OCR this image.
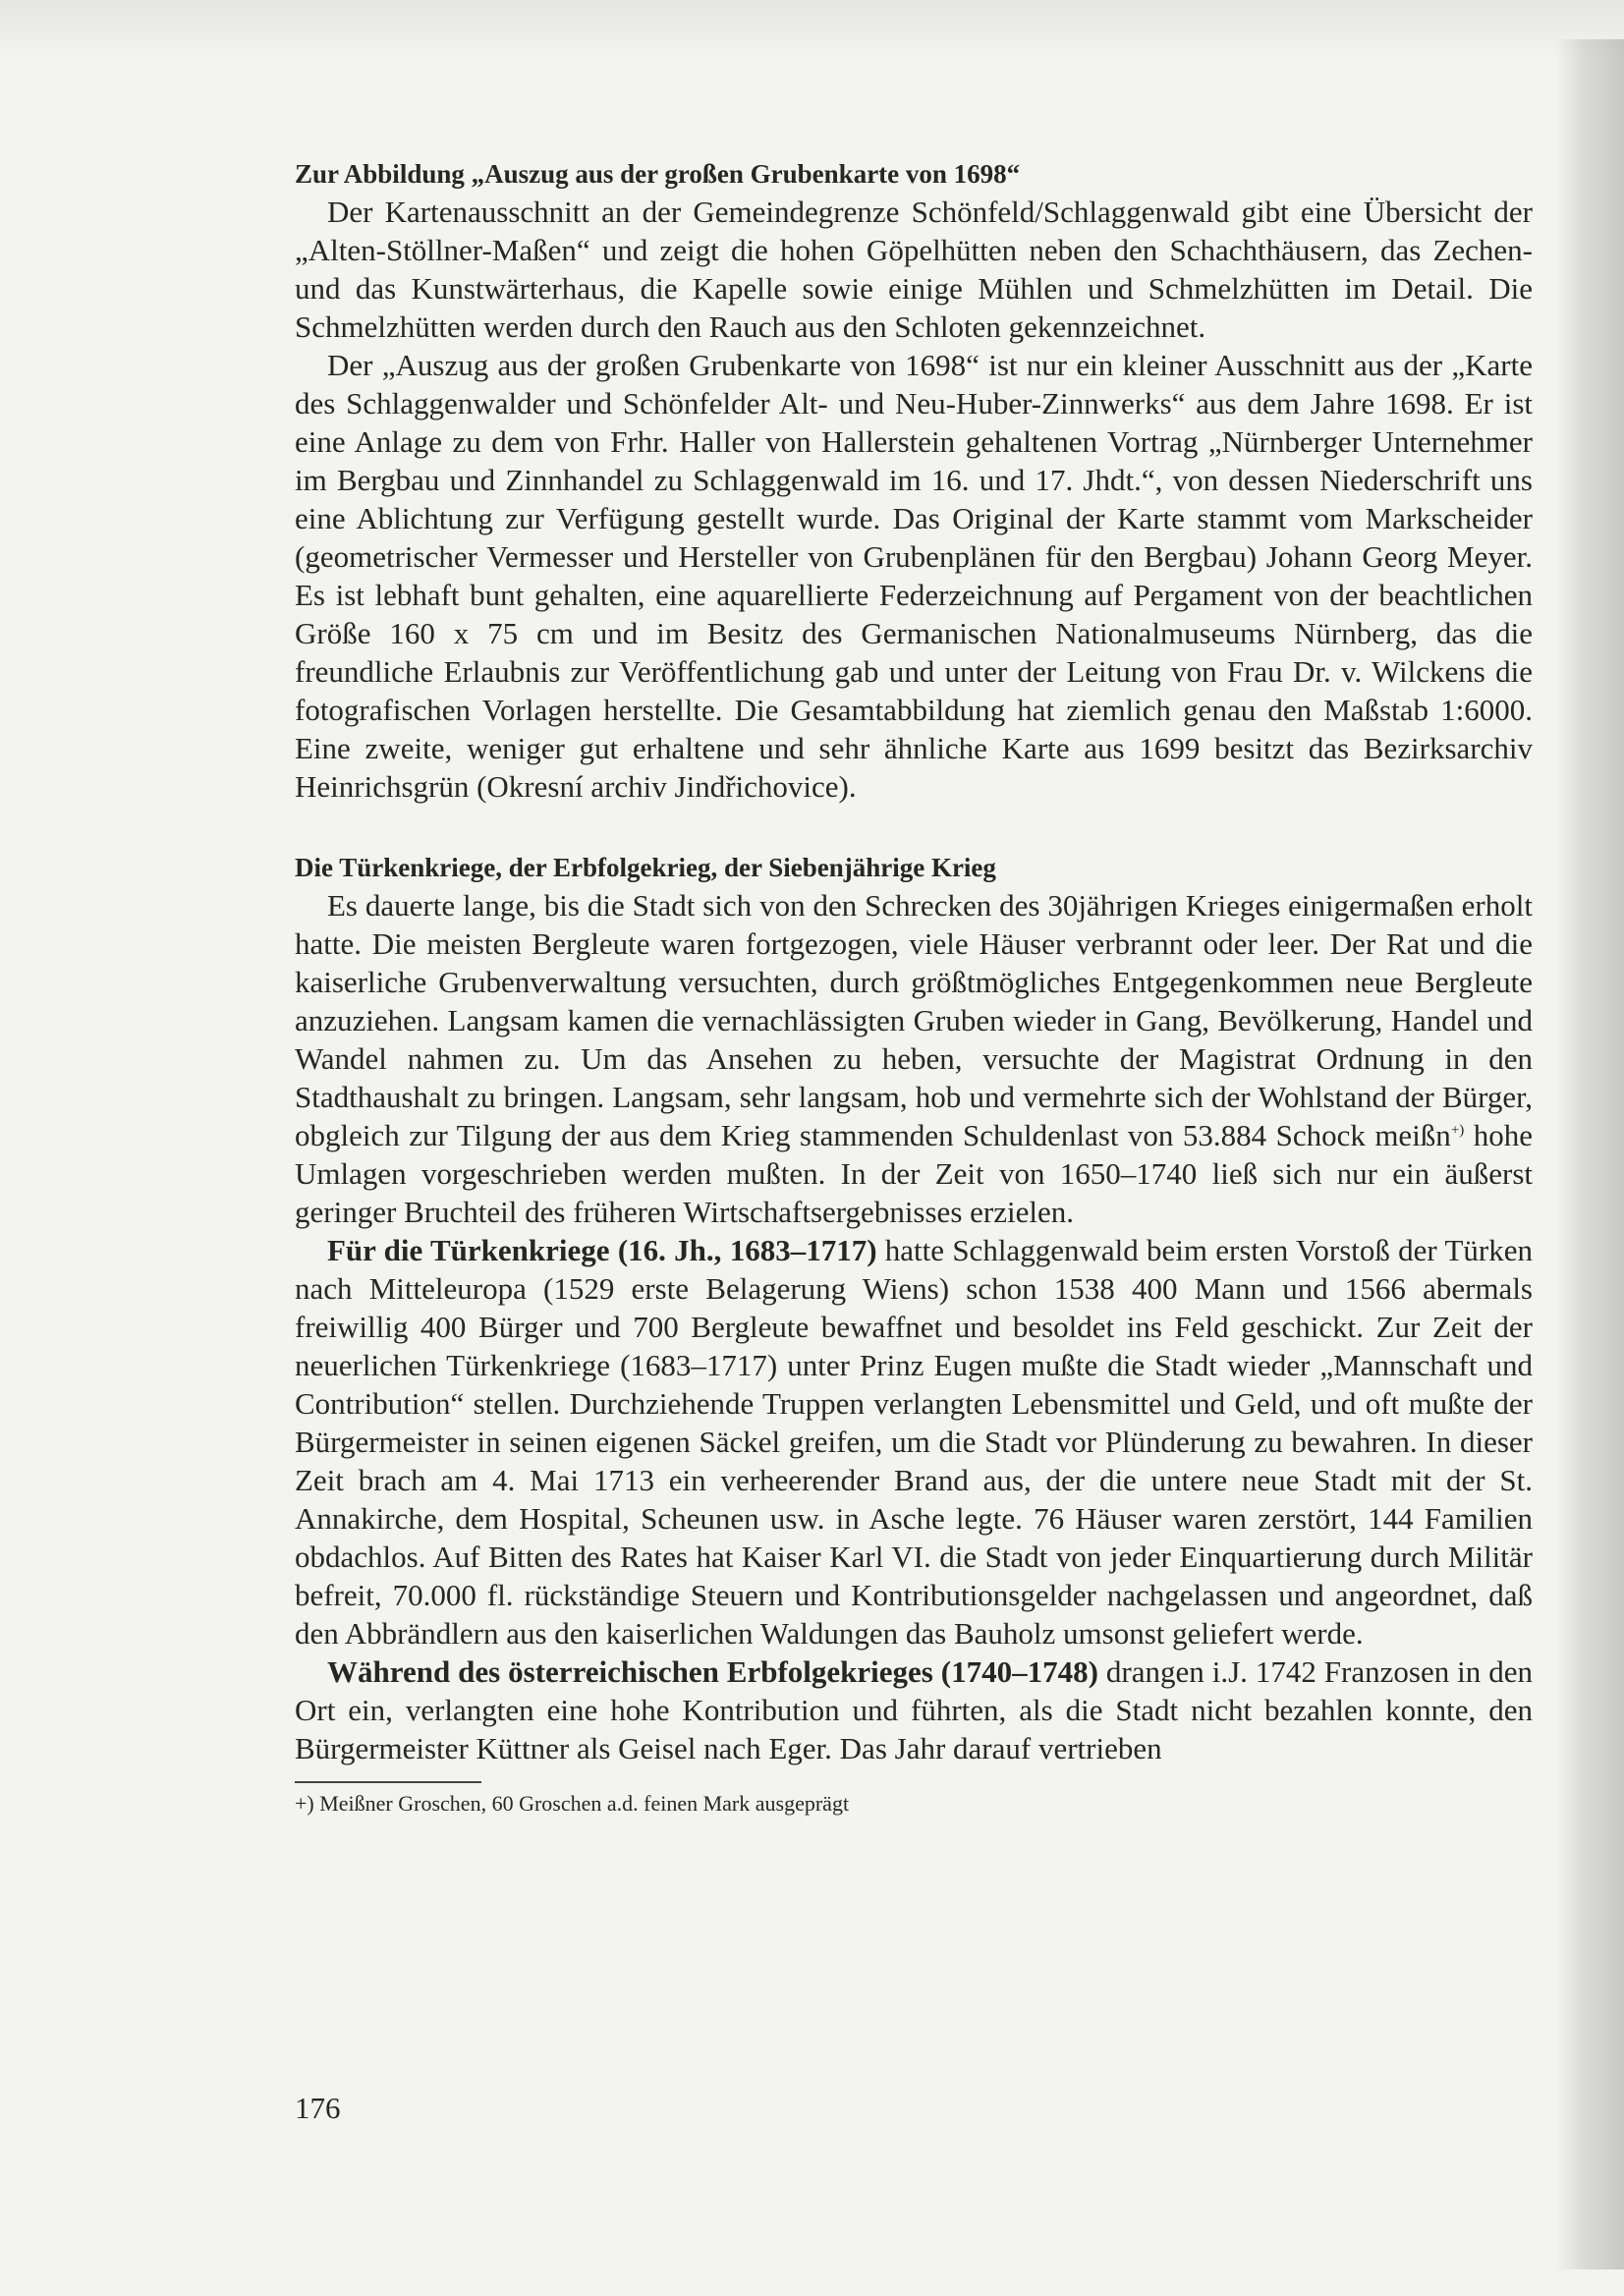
Zur Abbildung „Auszug aus der großen Grubenkarte von 1698“

Der Kartenausschnitt an der Gemeindegrenze Schönfeld/Schlaggenwald gibt eine Übersicht der „Alten-Stöllner-Maßen“ und zeigt die hohen Göpelhütten neben den Schachthäusern, das Zechen- und das Kunstwärterhaus, die Kapelle sowie einige Mühlen und Schmelzhütten im Detail. Die Schmelzhütten werden durch den Rauch aus den Schloten gekennzeichnet.

Der „Auszug aus der großen Grubenkarte von 1698“ ist nur ein kleiner Ausschnitt aus der „Karte des Schlaggenwalder und Schönfelder Alt- und Neu-Huber-Zinnwerks“ aus dem Jahre 1698. Er ist eine Anlage zu dem von Frhr. Haller von Hallerstein gehaltenen Vortrag „Nürnberger Unternehmer im Bergbau und Zinnhandel zu Schlaggenwald im 16. und 17. Jhdt.“, von dessen Niederschrift uns eine Ablichtung zur Verfügung gestellt wurde. Das Original der Karte stammt vom Markscheider (geometrischer Vermesser und Hersteller von Grubenplänen für den Bergbau) Johann Georg Meyer. Es ist lebhaft bunt gehalten, eine aquarellierte Federzeichnung auf Pergament von der beachtlichen Größe 160 x 75 cm und im Besitz des Germanischen Nationalmuseums Nürnberg, das die freundliche Erlaubnis zur Veröffentlichung gab und unter der Leitung von Frau Dr. v. Wilckens die fotografischen Vorlagen herstellte. Die Gesamtabbildung hat ziemlich genau den Maßstab 1:6000. Eine zweite, weniger gut erhaltene und sehr ähnliche Karte aus 1699 besitzt das Bezirksarchiv Heinrichsgrün (Okresní archiv Jindřichovice).

Die Türkenkriege, der Erbfolgekrieg, der Siebenjährige Krieg

Es dauerte lange, bis die Stadt sich von den Schrecken des 30jährigen Krieges einigermaßen erholt hatte. Die meisten Bergleute waren fortgezogen, viele Häuser verbrannt oder leer. Der Rat und die kaiserliche Grubenverwaltung versuchten, durch größtmögliches Entgegenkommen neue Bergleute anzuziehen. Langsam kamen die vernachlässigten Gruben wieder in Gang, Bevölkerung, Handel und Wandel nahmen zu. Um das Ansehen zu heben, versuchte der Magistrat Ordnung in den Stadthaushalt zu bringen. Langsam, sehr langsam, hob und vermehrte sich der Wohlstand der Bürger, obgleich zur Tilgung der aus dem Krieg stammenden Schuldenlast von 53.884 Schock meißn+) hohe Umlagen vorgeschrieben werden mußten. In der Zeit von 1650–1740 ließ sich nur ein äußerst geringer Bruchteil des früheren Wirtschaftsergebnisses erzielen.

Für die Türkenkriege (16. Jh., 1683–1717) hatte Schlaggenwald beim ersten Vorstoß der Türken nach Mitteleuropa (1529 erste Belagerung Wiens) schon 1538 400 Mann und 1566 abermals freiwillig 400 Bürger und 700 Bergleute bewaffnet und besoldet ins Feld geschickt. Zur Zeit der neuerlichen Türkenkriege (1683–1717) unter Prinz Eugen mußte die Stadt wieder „Mannschaft und Contribution“ stellen. Durchziehende Truppen verlangten Lebensmittel und Geld, und oft mußte der Bürgermeister in seinen eigenen Säckel greifen, um die Stadt vor Plünderung zu bewahren. In dieser Zeit brach am 4. Mai 1713 ein verheerender Brand aus, der die untere neue Stadt mit der St. Annakirche, dem Hospital, Scheunen usw. in Asche legte. 76 Häuser waren zerstört, 144 Familien obdachlos. Auf Bitten des Rates hat Kaiser Karl VI. die Stadt von jeder Einquartierung durch Militär befreit, 70.000 fl. rückständige Steuern und Kontributionsgelder nachgelassen und angeordnet, daß den Abbrändlern aus den kaiserlichen Waldungen das Bauholz umsonst geliefert werde.

Während des österreichischen Erbfolgekrieges (1740–1748) drangen i.J. 1742 Franzosen in den Ort ein, verlangten eine hohe Kontribution und führten, als die Stadt nicht bezahlen konnte, den Bürgermeister Küttner als Geisel nach Eger. Das Jahr darauf vertrieben

+) Meißner Groschen, 60 Groschen a.d. feinen Mark ausgeprägt

176
